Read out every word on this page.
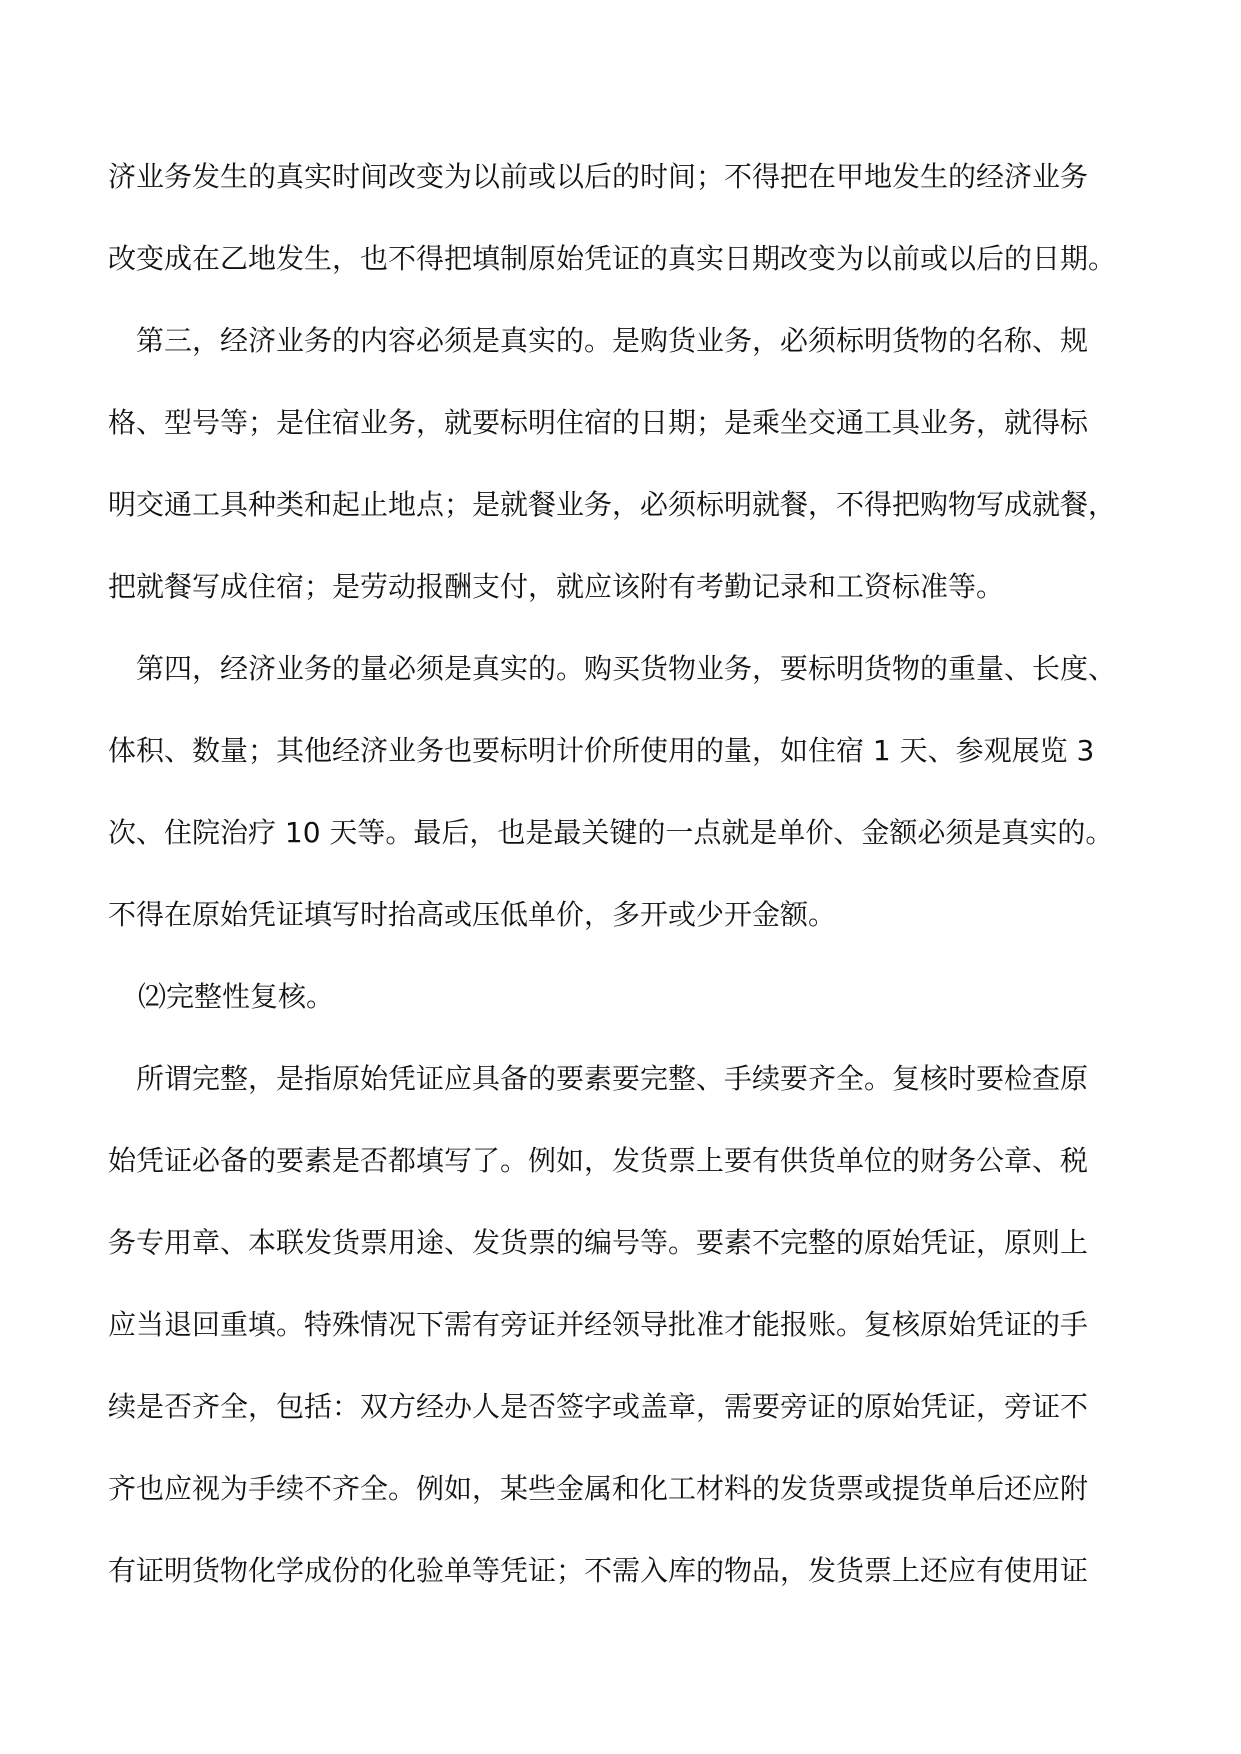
济业务发生的真实时间改变为以前或以后的时间；不得把在甲地发生的经济业务
改变成在乙地发生，也不得把填制原始凭证的真实日期改变为以前或以后的日期。
第三，经济业务的内容必须是真实的。是购货业务，必须标明货物的名称、规
格、型号等；是住宿业务，就要标明住宿的日期；是乘坐交通工具业务，就得标
明交通工具种类和起止地点；是就餐业务，必须标明就餐，不得把购物写成就餐，
把就餐写成住宿；是劳动报酬支付，就应该附有考勤记录和工资标准等。
第四，经济业务的量必须是真实的。购买货物业务，要标明货物的重量、长度、
体积、数量；其他经济业务也要标明计价所使用的量，如住宿 1 天、参观展览 3
次、住院治疗 10 天等。最后，也是最关键的一点就是单价、金额必须是真实的。
不得在原始凭证填写时抬高或压低单价，多开或少开金额。
⑵完整性复核。
所谓完整，是指原始凭证应具备的要素要完整、手续要齐全。复核时要检查原
始凭证必备的要素是否都填写了。例如，发货票上要有供货单位的财务公章、税
务专用章、本联发货票用途、发货票的编号等。要素不完整的原始凭证，原则上
应当退回重填。特殊情况下需有旁证并经领导批准才能报账。复核原始凭证的手
续是否齐全，包括：双方经办人是否签字或盖章，需要旁证的原始凭证，旁证不
齐也应视为手续不齐全。例如，某些金属和化工材料的发货票或提货单后还应附
有证明货物化学成份的化验单等凭证；不需入库的物品，发货票上还应有使用证
